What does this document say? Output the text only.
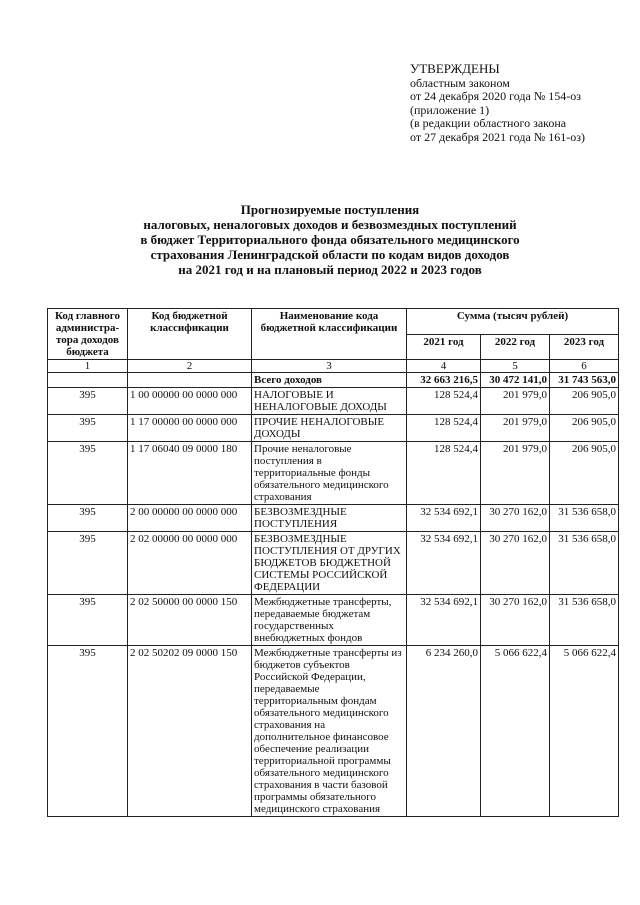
УТВЕРЖДЕНЫ
областным законом
от 24 декабря 2020 года № 154-оз
(приложение 1)
(в редакции областного закона
от 27 декабря 2021 года № 161-оз)
Прогнозируемые поступления
налоговых, неналоговых доходов и безвозмездных поступлений
в бюджет Территориального фонда обязательного медицинского
страхования Ленинградской области по кодам видов доходов
на 2021 год и на плановый период 2022 и 2023 годов
Код главного администра-тора доходов бюджета	Код бюджетной классификации	Наименование кода бюджетной классификации	Сумма (тысяч рублей)		
			2021 год	2022 год	2023 год
1	2	3	4	5	6
		Всего доходов	32 663 216,5	30 472 141,0	31 743 563,0
395	1 00 00000 00 0000 000	НАЛОГОВЫЕ И НЕНАЛОГОВЫЕ ДОХОДЫ	128 524,4	201 979,0	206 905,0
395	1 17 00000 00 0000 000	ПРОЧИЕ НЕНАЛОГОВЫЕ ДОХОДЫ	128 524,4	201 979,0	206 905,0
395	1 17 06040 09 0000 180	Прочие неналоговые поступления в территориальные фонды обязательного медицинского страхования	128 524,4	201 979,0	206 905,0
395	2 00 00000 00 0000 000	БЕЗВОЗМЕЗДНЫЕ ПОСТУПЛЕНИЯ	32 534 692,1	30 270 162,0	31 536 658,0
395	2 02 00000 00 0000 000	БЕЗВОЗМЕЗДНЫЕ ПОСТУПЛЕНИЯ ОТ ДРУГИХ БЮДЖЕТОВ БЮДЖЕТНОЙ СИСТЕМЫ РОССИЙСКОЙ ФЕДЕРАЦИИ	32 534 692,1	30 270 162,0	31 536 658,0
395	2 02 50000 00 0000 150	Межбюджетные трансферты, передаваемые бюджетам государственных внебюджетных фондов	32 534 692,1	30 270 162,0	31 536 658,0
395	2 02 50202 09 0000 150	Межбюджетные трансферты из бюджетов субъектов Российской Федерации, передаваемые территориальным фондам обязательного медицинского страхования на дополнительное финансовое обеспечение реализации территориальной программы обязательного медицинского страхования в части базовой программы обязательного медицинского страхования	6 234 260,0	5 066 622,4	5 066 622,4
